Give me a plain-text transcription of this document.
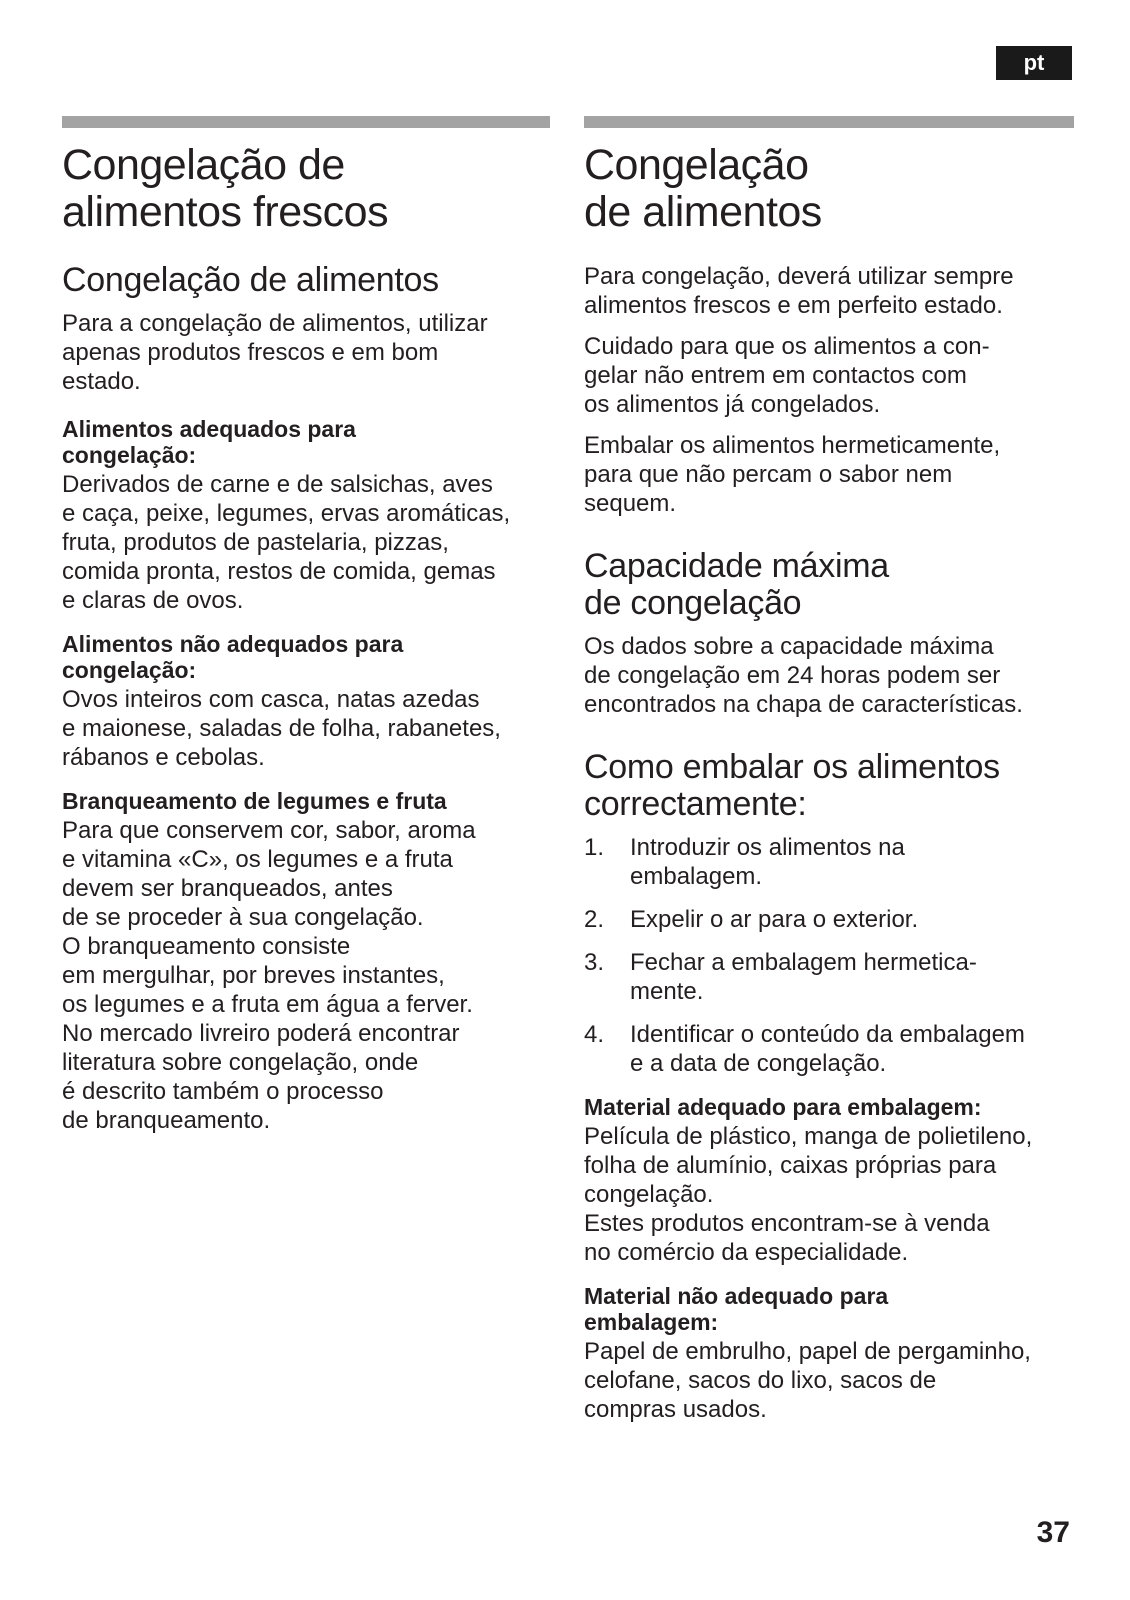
pt
Congelação de
alimentos frescos
Congelação de alimentos

Para a congelação de alimentos, utilizar
apenas produtos frescos e em bom
estado.

Alimentos adequados para
congelação:

Derivados de carne e de salsichas, aves
e caça, peixe, legumes, ervas aromáticas,
fruta, produtos de pastelaria, pizzas,
comida pronta, restos de comida, gemas
e claras de ovos.

Alimentos não adequados para
congelação:

Ovos inteiros com casca, natas azedas
e maionese, saladas de folha, rabanetes,
rábanos e cebolas.

Branqueamento de legumes e fruta

Para que conservem cor, sabor, aroma
e vitamina «C», os legumes e a fruta
devem ser branqueados, antes
de se proceder à sua congelação.
O branqueamento consiste
em mergulhar, por breves instantes,
os legumes e a fruta em água a ferver.
No mercado livreiro poderá encontrar
literatura sobre congelação, onde
é descrito também o processo
de branqueamento.

Congelação
de alimentos

Para congelação, deverá utilizar sempre
alimentos frescos e em perfeito estado.

Cuidado para que os alimentos a con-
gelar não entrem em contactos com
os alimentos já congelados.

Embalar os alimentos hermeticamente,
para que não percam o sabor nem
sequem.

Capacidade máxima
de congelação

Os dados sobre a capacidade máxima
de congelação em 24 horas podem ser
encontrados na chapa de características.

Como embalar os alimentos
correctamente:
1.	Introduzir os alimentos na
embalagem.
2.	Expelir o ar para o exterior.
3.	Fechar a embalagem hermetica-
mente.
4.	Identificar o conteúdo da embalagem
e a data de congelação.
Material adequado para embalagem:

Película de plástico, manga de polietileno,
folha de alumínio, caixas próprias para
congelação.
Estes produtos encontram-se à venda
no comércio da especialidade.

Material não adequado para
embalagem:

Papel de embrulho, papel de pergaminho,
celofane, sacos do lixo, sacos de
compras usados.

37
